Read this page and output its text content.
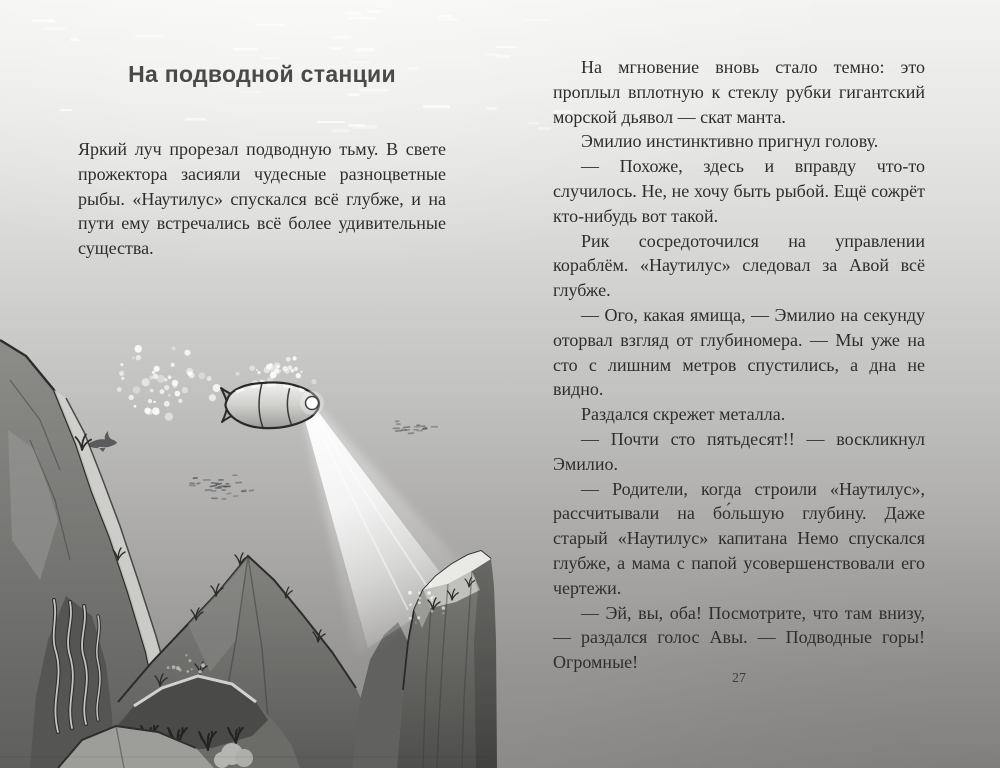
На подводной станции

Яркий луч прорезал подводную тьму. В свете прожектора засияли чудесные разноцветные рыбы. «Наутилус» спускался всё глубже, и на пути ему встречались всё более удивительные существа.

На мгновение вновь стало темно: это проплыл вплотную к стеклу рубки гигантский морской дьявол — скат манта.

Эмилио инстинктивно пригнул голову.

— Похоже, здесь и вправду что-то случилось. Не, не хочу быть рыбой. Ещё сожрёт кто-нибудь вот такой.

Рик сосредоточился на управлении кораблём. «Наутилус» следовал за Авой всё глубже.

— Ого, какая ямища, — Эмилио на секунду оторвал взгляд от глубиномера. — Мы уже на сто с лишним метров спустились, а дна не видно.

Раздался скрежет металла.

— Почти сто пятьдесят!! — воскликнул Эмилио.

— Родители, когда строили «Наутилус», рассчитывали на бо́льшую глубину. Даже старый «Наутилус» капитана Немо спускался глубже, а мама с папой усовершенствовали его чертежи.

— Эй, вы, оба! Посмотрите, что там внизу, — раздался голос Авы. — Подводные горы! Огромные!

27
